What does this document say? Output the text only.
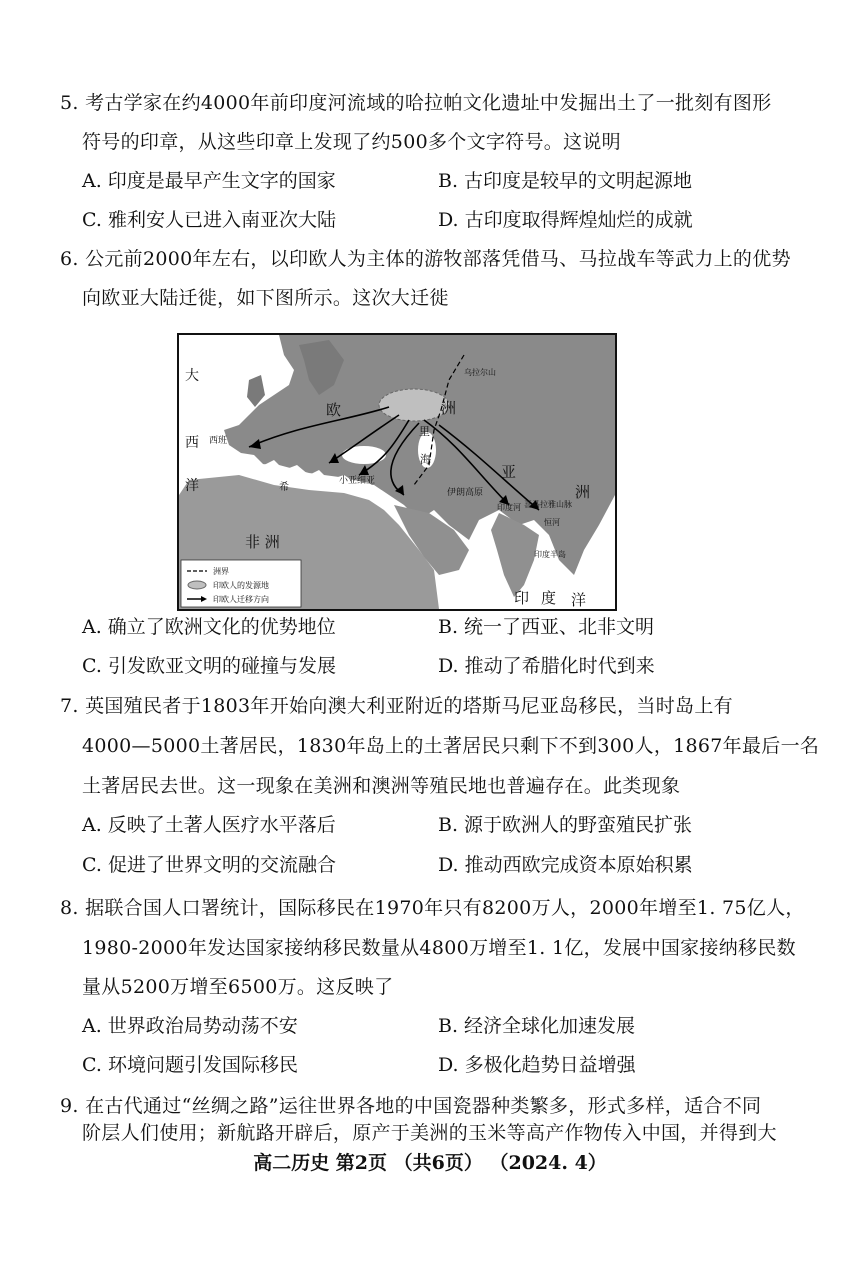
5. 考古学家在约4000年前印度河流域的哈拉帕文化遗址中发掘出土了一批刻有图形
符号的印章，从这些印章上发现了约500多个文字符号。这说明
A. 印度是最早产生文字的国家	B. 古印度是较早的文明起源地
C. 雅利安人已进入南亚次大陆	D. 古印度取得辉煌灿烂的成就
6. 公元前2000年左右，以印欧人为主体的游牧部落凭借马、马拉战车等武力上的优势
向欧亚大陆迁徙，如下图所示。这次大迁徙
大
西
洋
欧	洲
亚
洲
非 洲
印 度 洋
里
海
希
小亚细亚
伊朗高原
印度半岛
西班
喜马拉雅山脉
乌拉尔山
恒河
印度河
洲界
印欧人的发源地
印欧人迁移方向
A. 确立了欧洲文化的优势地位	B. 统一了西亚、北非文明
C. 引发欧亚文明的碰撞与发展	D. 推动了希腊化时代到来
7. 英国殖民者于1803年开始向澳大利亚附近的塔斯马尼亚岛移民，当时岛上有
4000—5000土著居民，1830年岛上的土著居民只剩下不到300人，1867年最后一名
土著居民去世。这一现象在美洲和澳洲等殖民地也普遍存在。此类现象
A. 反映了土著人医疗水平落后	B. 源于欧洲人的野蛮殖民扩张
C. 促进了世界文明的交流融合	D. 推动西欧完成资本原始积累
8. 据联合国人口署统计，国际移民在1970年只有8200万人，2000年增至1. 75亿人，
1980-2000年发达国家接纳移民数量从4800万增至1. 1亿，发展中国家接纳移民数
量从5200万增至6500万。这反映了
A. 世界政治局势动荡不安	B. 经济全球化加速发展
C. 环境问题引发国际移民	D. 多极化趋势日益增强
9. 在古代通过“丝绸之路”运往世界各地的中国瓷器种类繁多，形式多样，适合不同
阶层人们使用；新航路开辟后，原产于美洲的玉米等高产作物传入中国，并得到大
高二历史 第2页 （共6页） （2024. 4）
